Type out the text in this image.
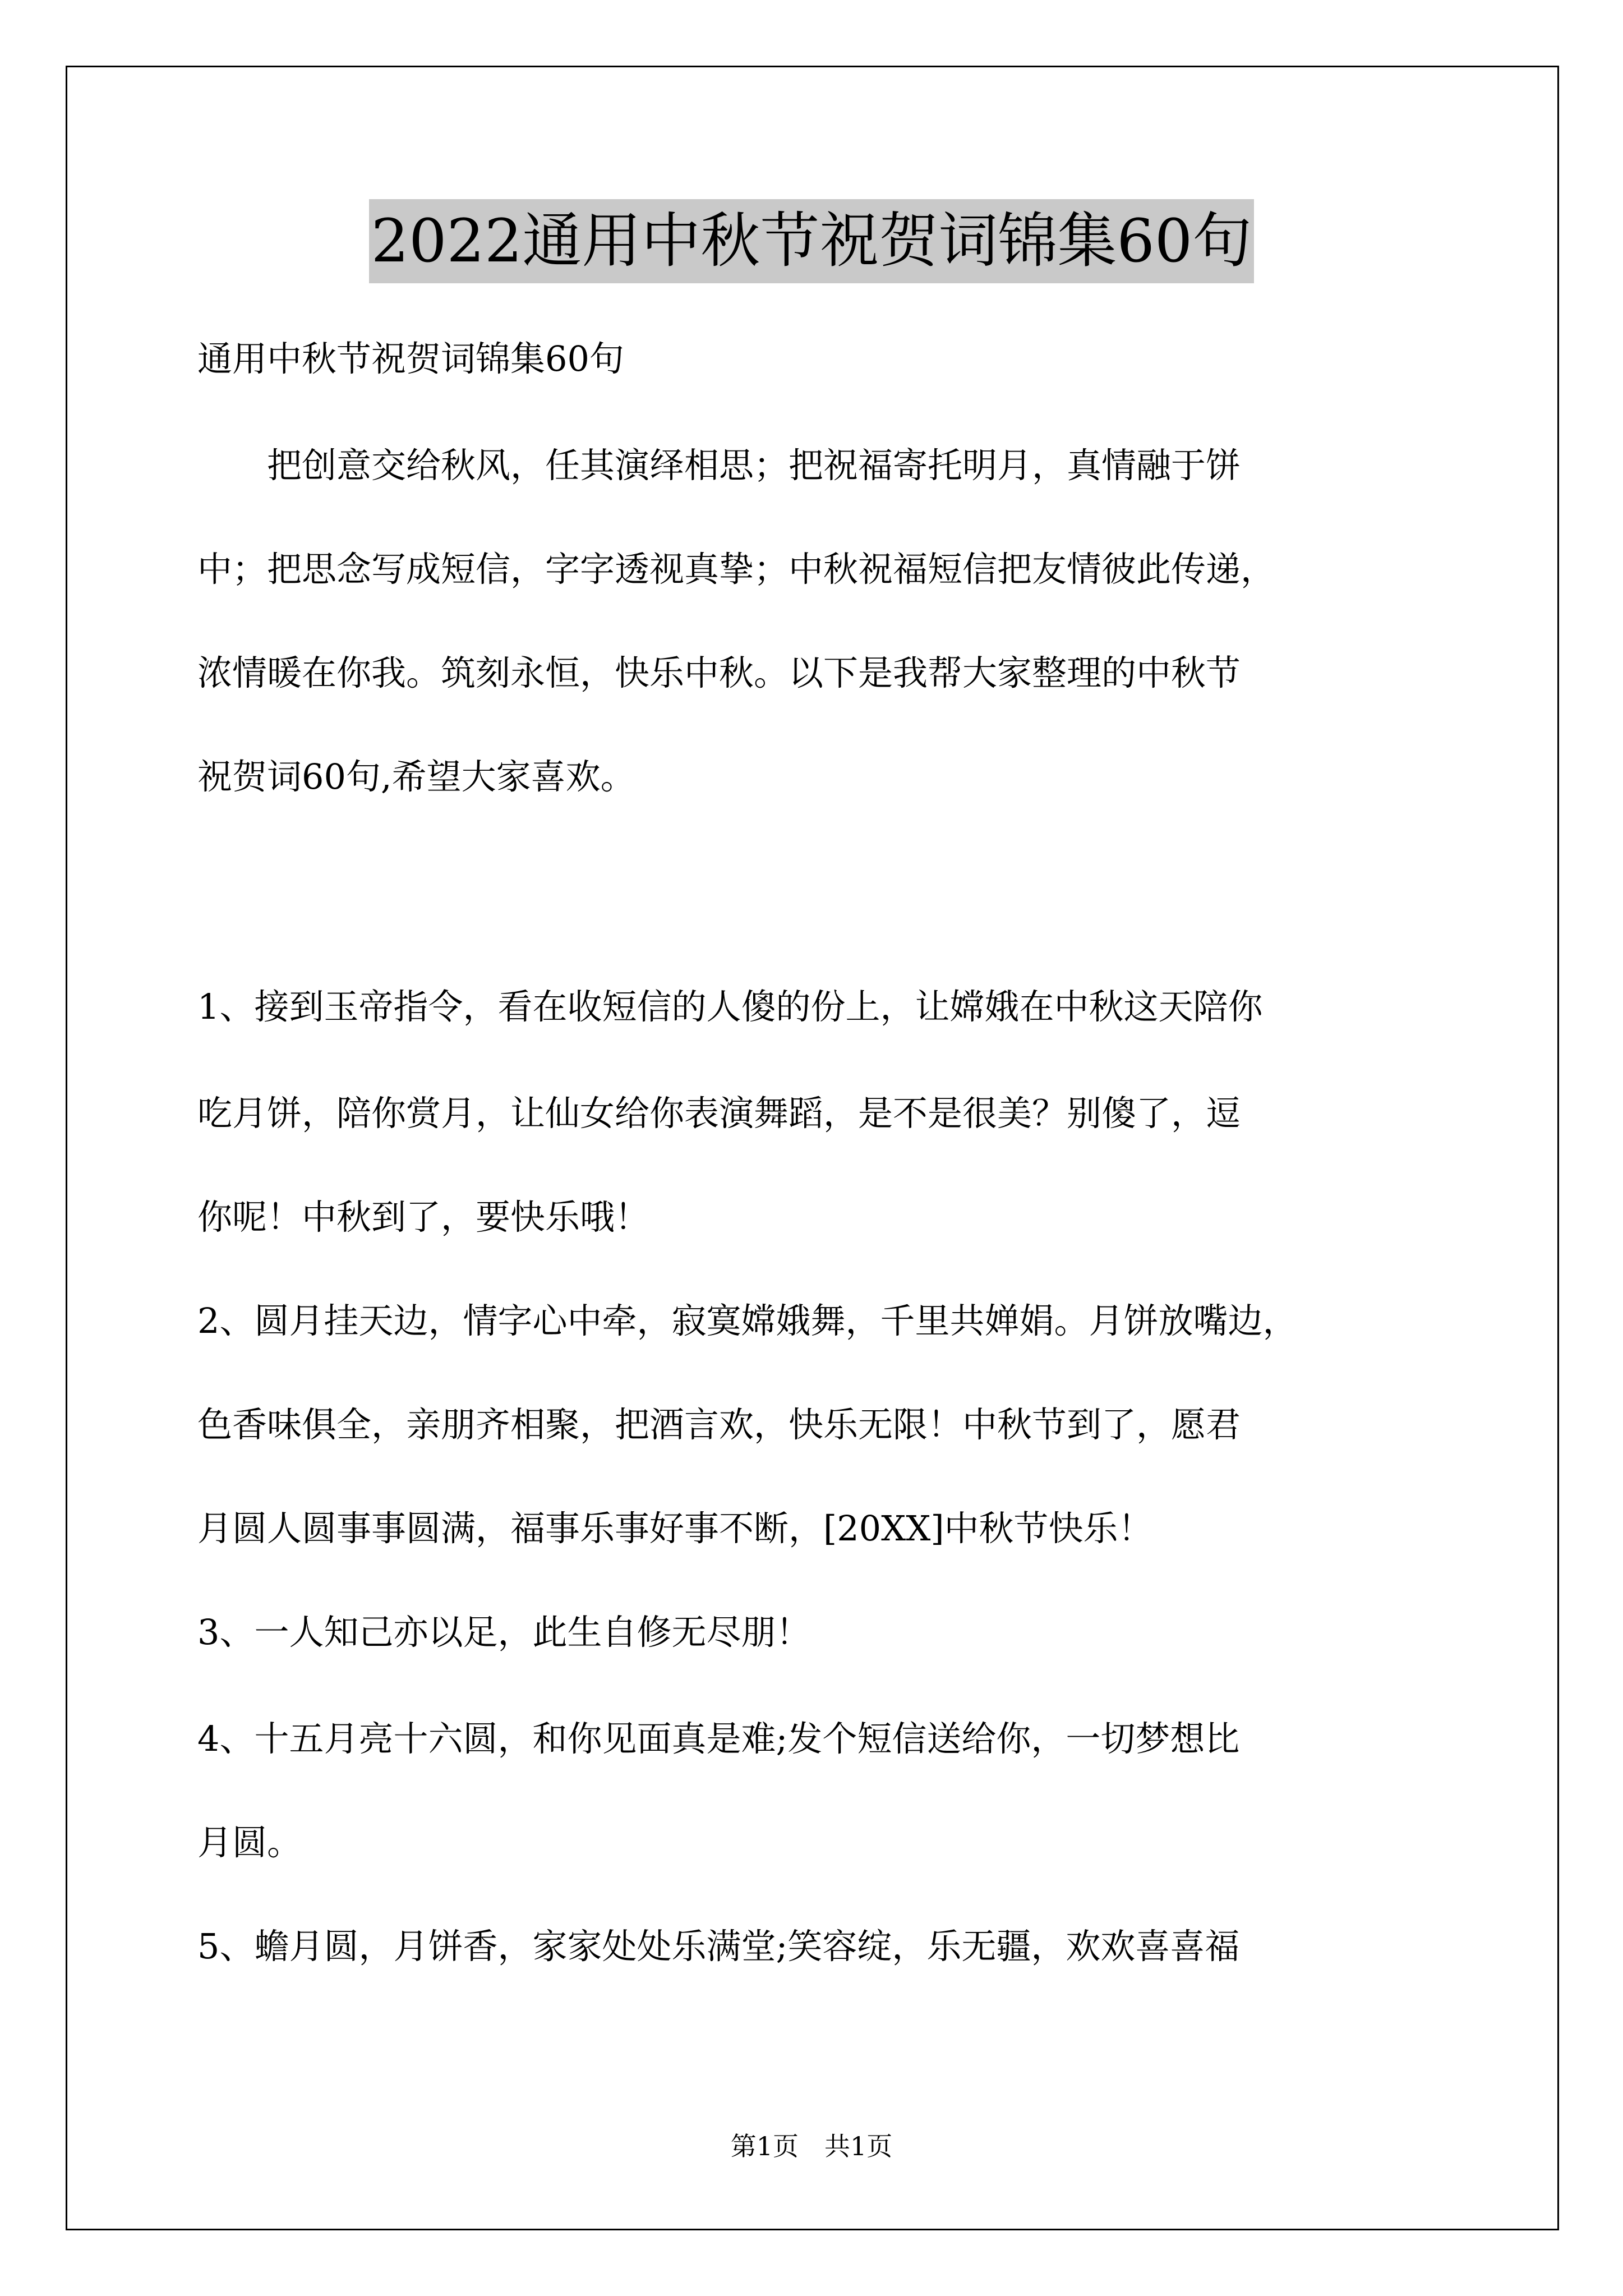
2022通用中秋节祝贺词锦集60句
通用中秋节祝贺词锦集60句
　　把创意交给秋风，任其演绎相思；把祝福寄托明月，真情融于饼
中；把思念写成短信，字字透视真挚；中秋祝福短信把友情彼此传递，
浓情暖在你我。筑刻永恒，快乐中秋。以下是我帮大家整理的中秋节
祝贺词60句,希望大家喜欢。
1、接到玉帝指令，看在收短信的人傻的份上，让嫦娥在中秋这天陪你
吃月饼，陪你赏月，让仙女给你表演舞蹈，是不是很美？别傻了，逗
你呢！中秋到了，要快乐哦！
2、圆月挂天边，情字心中牵，寂寞嫦娥舞，千里共婵娟。月饼放嘴边，
色香味俱全，亲朋齐相聚，把酒言欢，快乐无限！中秋节到了，愿君
月圆人圆事事圆满，福事乐事好事不断，[20XX]中秋节快乐！
3、一人知己亦以足，此生自修无尽朋！
4、十五月亮十六圆，和你见面真是难;发个短信送给你，一切梦想比
月圆。
5、蟾月圆，月饼香，家家处处乐满堂;笑容绽，乐无疆，欢欢喜喜福
第1页　共1页
